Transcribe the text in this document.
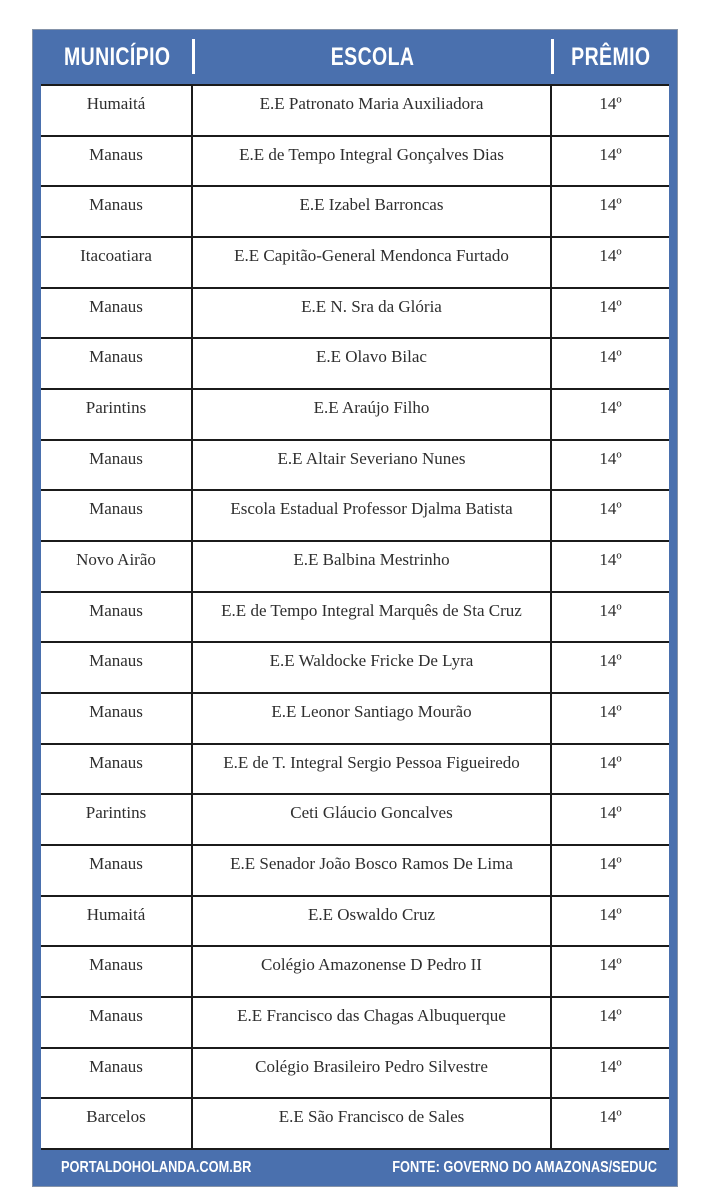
MUNICÍPIO	ESCOLA	PRÊMIO
Humaitá	E.E Patronato Maria Auxiliadora	14º
Manaus	E.E de Tempo Integral Gonçalves Dias	14º
Manaus	E.E Izabel Barroncas	14º
Itacoatiara	E.E Capitão-General Mendonca Furtado	14º
Manaus	E.E N. Sra da Glória	14º
Manaus	E.E Olavo Bilac	14º
Parintins	E.E Araújo Filho	14º
Manaus	E.E Altair Severiano Nunes	14º
Manaus	Escola Estadual Professor Djalma Batista	14º
Novo Airão	E.E Balbina Mestrinho	14º
Manaus	E.E de Tempo Integral Marquês de Sta Cruz	14º
Manaus	E.E Waldocke Fricke De Lyra	14º
Manaus	E.E Leonor Santiago Mourão	14º
Manaus	E.E de T. Integral Sergio Pessoa Figueiredo	14º
Parintins	Ceti Gláucio Goncalves	14º
Manaus	E.E Senador João Bosco Ramos De Lima	14º
Humaitá	E.E Oswaldo Cruz	14º
Manaus	Colégio Amazonense D Pedro II	14º
Manaus	E.E Francisco das Chagas Albuquerque	14º
Manaus	Colégio Brasileiro Pedro Silvestre	14º
Barcelos	E.E São Francisco de Sales	14º
PORTALDOHOLANDA.COM.BR	FONTE: GOVERNO DO AMAZONAS/SEDUC
